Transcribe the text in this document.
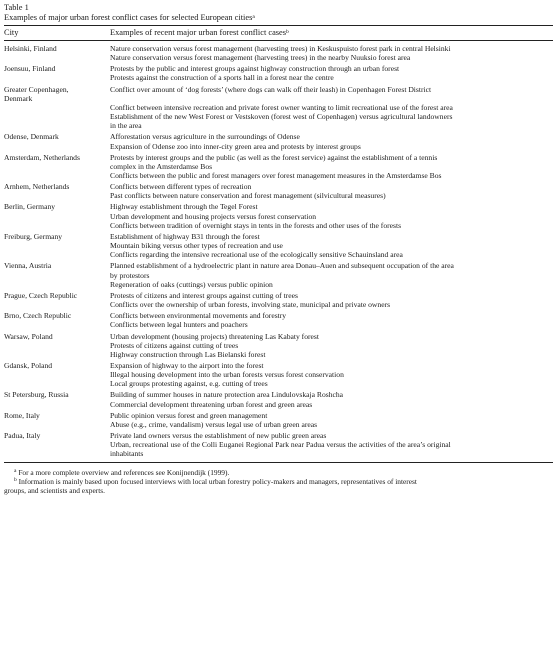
Table 1
Examples of major urban forest conflict cases for selected European cities$^a$
City	Examples of recent major urban forest conflict cases$^b$
Helsinki, Finland	Nature conservation versus forest management (harvesting trees) in Keskuspuisto forest park in central Helsinki
Nature conservation versus forest management (harvesting trees) in the nearby Nuuksio forest area
Joensuu, Finland	Protests by the public and interest groups against highway construction through an urban forest
Protests against the construction of a sports hall in a forest near the centre
Greater Copenhagen,
Denmark
Conflict over amount of ‘dog forests’ (where dogs can walk off their leash) in Copenhagen Forest District
Conflict between intensive recreation and private forest owner wanting to limit recreational use of the forest area
Establishment of the new West Forest or Vestskoven (forest west of Copenhagen) versus agricultural landowners
in the area
Odense, Denmark	Afforestation versus agriculture in the surroundings of Odense
Expansion of Odense zoo into inner-city green area and protests by interest groups
Amsterdam, Netherlands	Protests by interest groups and the public (as well as the forest service) against the establishment of a tennis
complex in the Amsterdamse Bos
Conflicts between the public and forest managers over forest management measures in the Amsterdamse Bos
Arnhem, Netherlands	Conflicts between different types of recreation
Past conflicts between nature conservation and forest management (silvicultural measures)
Berlin, Germany	Highway establishment through the Tegel Forest
Urban development and housing projects versus forest conservation
Conflicts between tradition of overnight stays in tents in the forests and other uses of the forests
Freiburg, Germany	Establishment of highway B31 through the forest
Mountain biking versus other types of recreation and use
Conflicts regarding the intensive recreational use of the ecologically sensitive Schauinsland area
Vienna, Austria	Planned establishment of a hydroelectric plant in nature area Donau–Auen and subsequent occupation of the area
by protestors
Regeneration of oaks (cuttings) versus public opinion
Prague, Czech Republic	Protests of citizens and interest groups against cutting of trees
Conflicts over the ownership of urban forests, involving state, municipal and private owners
Brno, Czech Republic	Conflicts between environmental movements and forestry
Conflicts between legal hunters and poachers
Warsaw, Poland	Urban development (housing projects) threatening Las Kabaty forest
Protests of citizens against cutting of trees
Highway construction through Las Bielanski forest
Gdansk, Poland	Expansion of highway to the airport into the forest
Illegal housing development into the urban forests versus forest conservation
Local groups protesting against, e.g. cutting of trees
St Petersburg, Russia	Building of summer houses in nature protection area Lindulovskaja Roshcha
Commercial development threatening urban forest and green areas
Rome, Italy	Public opinion versus forest and green management
Abuse (e.g., crime, vandalism) versus legal use of urban green areas
Padua, Italy	Private land owners versus the establishment of new public green areas
Urban, recreational use of the Colli Euganei Regional Park near Padua versus the activities of the area’s original
inhabitants
$^a$ For a more complete overview and references see Konijnendijk (1999).
$^b$ Information is mainly based upon focused interviews with local urban forestry policy-makers and managers, representatives of interest
groups, and scientists and experts.
